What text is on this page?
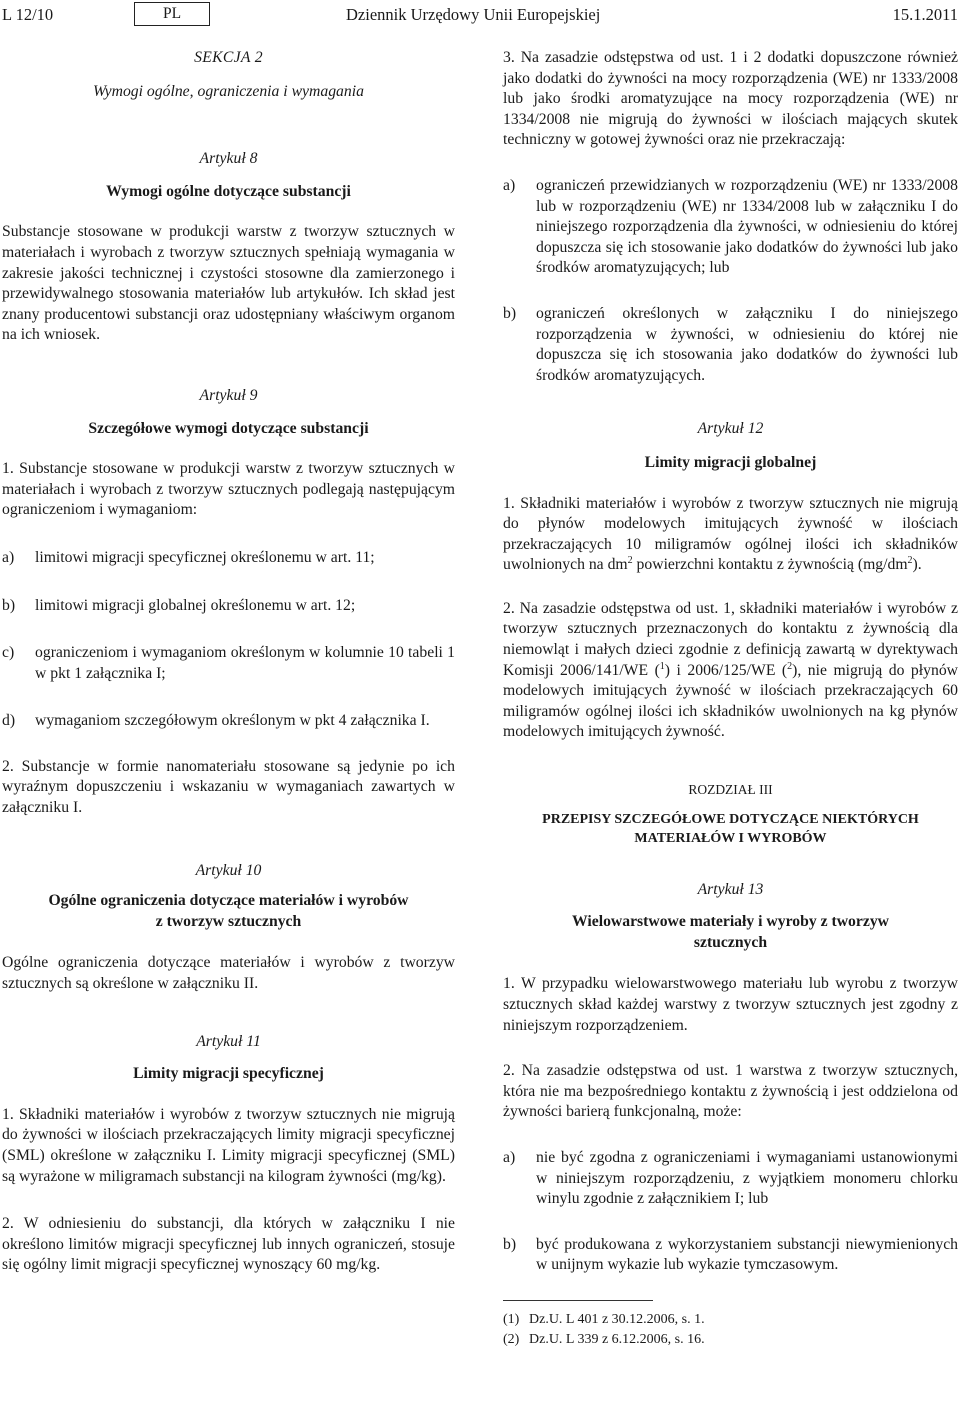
L 12/10	PL	Dziennik Urzędowy Unii Europejskiej	15.1.2011

SEKCJA 2

Wymogi ogólne, ograniczenia i wymagania

Artykuł 8

Wymogi ogólne dotyczące substancji

Substancje stosowane w produkcji warstw z tworzyw sztucznych w materiałach i wyrobach z tworzyw sztucznych spełniają wymagania w zakresie jakości technicznej i czystości stosowne dla zamierzonego i przewidywalnego stosowania materiałów lub artykułów. Ich skład jest znany producentowi substancji oraz udostępniany właściwym organom na ich wniosek.

Artykuł 9

Szczegółowe wymogi dotyczące substancji

1. Substancje stosowane w produkcji warstw z tworzyw sztucznych w materiałach i wyrobach z tworzyw sztucznych podlegają następującym ograniczeniom i wymaganiom:

a)	limitowi migracji specyficznej określonemu w art. 11;
b)	limitowi migracji globalnej określonemu w art. 12;
c)	ograniczeniom i wymaganiom określonym w kolumnie 10 tabeli 1 w pkt 1 załącznika I;
d)	wymaganiom szczegółowym określonym w pkt 4 załącznika I.

2. Substancje w formie nanomateriału stosowane są jedynie po ich wyraźnym dopuszczeniu i wskazaniu w wymaganiach zawartych w załączniku I.

Artykuł 10

Ogólne ograniczenia dotyczące materiałów i wyrobów

z tworzyw sztucznych

Ogólne ograniczenia dotyczące materiałów i wyrobów z tworzyw sztucznych są określone w załączniku II.

Artykuł 11

Limity migracji specyficznej

1. Składniki materiałów i wyrobów z tworzyw sztucznych nie migrują do żywności w ilościach przekraczających limity migracji specyficznej (SML) określone w załączniku I. Limity migracji specyficznej (SML) są wyrażone w miligramach substancji na kilogram żywności (mg/kg).

2. W odniesieniu do substancji, dla których w załączniku I nie określono limitów migracji specyficznej lub innych ograniczeń, stosuje się ogólny limit migracji specyficznej wynoszący 60 mg/kg.

3. Na zasadzie odstępstwa od ust. 1 i 2 dodatki dopuszczone również jako dodatki do żywności na mocy rozporządzenia (WE) nr 1333/2008 lub jako środki aromatyzujące na mocy rozporządzenia (WE) nr 1334/2008 nie migrują do żywności w ilościach mających skutek techniczny w gotowej żywności oraz nie przekraczają:

a)	ograniczeń przewidzianych w rozporządzeniu (WE) nr 1333/2008 lub w rozporządzeniu (WE) nr 1334/2008 lub w załączniku I do niniejszego rozporządzenia dla żywności, w odniesieniu do której dopuszcza się ich stosowanie jako dodatków do żywności lub jako środków aromatyzujących; lub
b)	ograniczeń określonych w załączniku I do niniejszego rozporządzenia w żywności, w odniesieniu do której nie dopuszcza się ich stosowania jako dodatków do żywności lub środków aromatyzujących.

Artykuł 12

Limity migracji globalnej

1. Składniki materiałów i wyrobów z tworzyw sztucznych nie migrują do płynów modelowych imitujących żywność w ilościach przekraczających 10 miligramów ogólnej ilości ich składników uwolnionych na $dm^2$ powierzchni kontaktu z żywnością $(mg/dm^2)$.

2. Na zasadzie odstępstwa od ust. 1, składniki materiałów i wyrobów z tworzyw sztucznych przeznaczonych do kontaktu z żywnością dla niemowląt i małych dzieci zgodnie z definicją zawartą w dyrektywach Komisji 2006/141/WE ($^1$) i 2006/125/WE ($^2$), nie migrują do płynów modelowych imitujących żywność w ilościach przekraczających 60 miligramów ogólnej ilości ich składników uwolnionych na kg płynów modelowych imitujących żywność.

ROZDZIAŁ III

PRZEPISY SZCZEGÓŁOWE DOTYCZĄCE NIEKTÓRYCH

MATERIAŁÓW I WYROBÓW

Artykuł 13

Wielowarstwowe materiały i wyroby z tworzyw

sztucznych

1. W przypadku wielowarstwowego materiału lub wyrobu z tworzyw sztucznych skład każdej warstwy z tworzyw sztucznych jest zgodny z niniejszym rozporządzeniem.

2. Na zasadzie odstępstwa od ust. 1 warstwa z tworzyw sztucznych, która nie ma bezpośredniego kontaktu z żywnością i jest oddzielona od żywności barierą funkcjonalną, może:

a)	nie być zgodna z ograniczeniami i wymaganiami ustanowionymi w niniejszym rozporządzeniu, z wyjątkiem monomeru chlorku winylu zgodnie z załącznikiem I; lub
b)	być produkowana z wykorzystaniem substancji niewymienionych w unijnym wykazie lub wykazie tymczasowym.
(1) Dz.U. L 401 z 30.12.2006, s. 1.
(2) Dz.U. L 339 z 6.12.2006, s. 16.
